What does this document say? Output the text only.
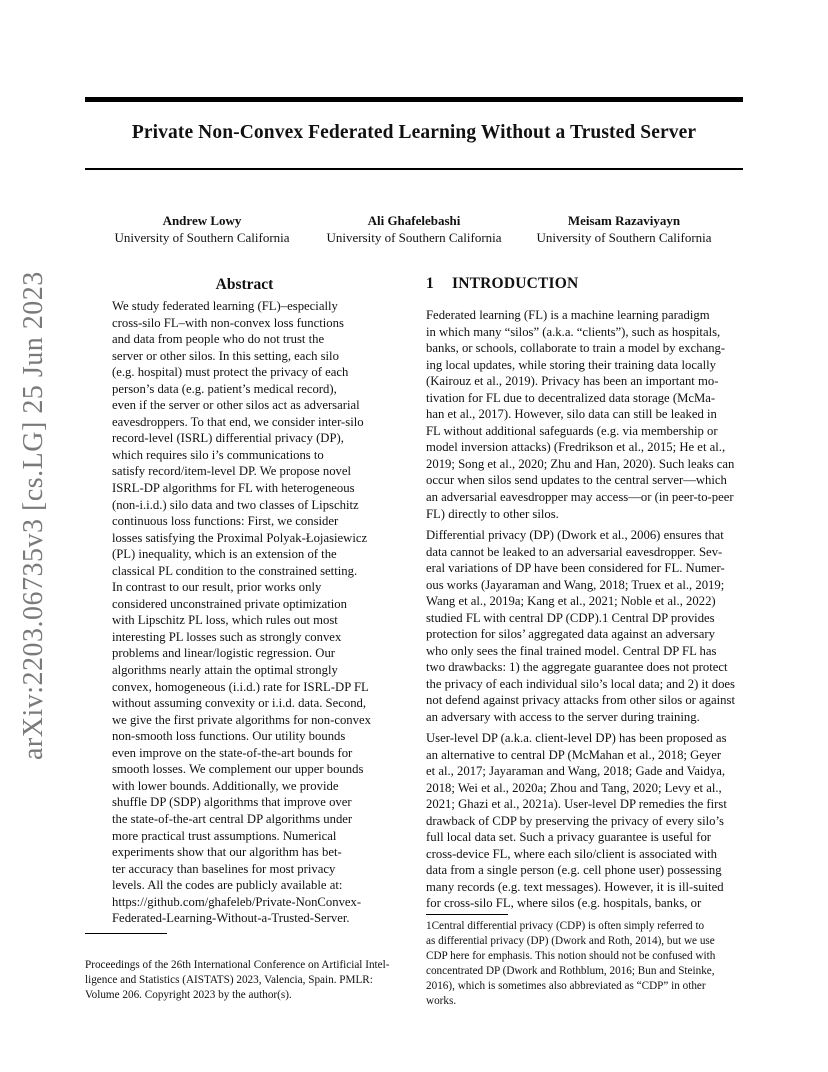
Private Non-Convex Federated Learning Without a Trusted Server
Andrew Lowy
University of Southern California
Ali Ghafelebashi
University of Southern California
Meisam Razaviyayn
University of Southern California
arXiv:2203.06735v3 [cs.LG] 25 Jun 2023	Abstract
We study federated learning (FL)–especially
cross-silo FL–with non-convex loss functions
and data from people who do not trust the
server or other silos. In this setting, each silo
(e.g. hospital) must protect the privacy of each
person’s data (e.g. patient’s medical record),
even if the server or other silos act as adversarial
eavesdroppers. To that end, we consider inter-silo
record-level (ISRL) differential privacy (DP),
which requires silo i’s communications to
satisfy record/item-level DP. We propose novel
ISRL-DP algorithms for FL with heterogeneous
(non-i.i.d.) silo data and two classes of Lipschitz
continuous loss functions: First, we consider
losses satisfying the Proximal Polyak-Łojasiewicz
(PL) inequality, which is an extension of the
classical PL condition to the constrained setting.
In contrast to our result, prior works only
considered unconstrained private optimization
with Lipschitz PL loss, which rules out most
interesting PL losses such as strongly convex
problems and linear/logistic regression. Our
algorithms nearly attain the optimal strongly
convex, homogeneous (i.i.d.) rate for ISRL-DP FL
without assuming convexity or i.i.d. data. Second,
we give the first private algorithms for non-convex
non-smooth loss functions. Our utility bounds
even improve on the state-of-the-art bounds for
smooth losses. We complement our upper bounds
with lower bounds. Additionally, we provide
shuffle DP (SDP) algorithms that improve over
the state-of-the-art central DP algorithms under
more practical trust assumptions. Numerical
experiments show that our algorithm has bet-
ter accuracy than baselines for most privacy
levels. All the codes are publicly available at:
https://github.com/ghafeleb/Private-NonConvex-
Federated-Learning-Without-a-Trusted-Server.
Proceedings of the 26th International Conference on Artificial Intel-
ligence and Statistics (AISTATS) 2023, Valencia, Spain. PMLR:
Volume 206. Copyright 2023 by the author(s).
1 INTRODUCTION
Federated learning (FL) is a machine learning paradigm
in which many “silos” (a.k.a. “clients”), such as hospitals,
banks, or schools, collaborate to train a model by exchang-
ing local updates, while storing their training data locally
(Kairouz et al., 2019). Privacy has been an important mo-
tivation for FL due to decentralized data storage (McMa-
han et al., 2017). However, silo data can still be leaked in
FL without additional safeguards (e.g. via membership or
model inversion attacks) (Fredrikson et al., 2015; He et al.,
2019; Song et al., 2020; Zhu and Han, 2020). Such leaks can
occur when silos send updates to the central server—which
an adversarial eavesdropper may access—or (in peer-to-peer
FL) directly to other silos.
Differential privacy (DP) (Dwork et al., 2006) ensures that
data cannot be leaked to an adversarial eavesdropper. Sev-
eral variations of DP have been considered for FL. Numer-
ous works (Jayaraman and Wang, 2018; Truex et al., 2019;
Wang et al., 2019a; Kang et al., 2021; Noble et al., 2022)
studied FL with central DP (CDP).1 Central DP provides
protection for silos’ aggregated data against an adversary
who only sees the final trained model. Central DP FL has
two drawbacks: 1) the aggregate guarantee does not protect
the privacy of each individual silo’s local data; and 2) it does
not defend against privacy attacks from other silos or against
an adversary with access to the server during training.
User-level DP (a.k.a. client-level DP) has been proposed as
an alternative to central DP (McMahan et al., 2018; Geyer
et al., 2017; Jayaraman and Wang, 2018; Gade and Vaidya,
2018; Wei et al., 2020a; Zhou and Tang, 2020; Levy et al.,
2021; Ghazi et al., 2021a). User-level DP remedies the first
drawback of CDP by preserving the privacy of every silo’s
full local data set. Such a privacy guarantee is useful for
cross-device FL, where each silo/client is associated with
data from a single person (e.g. cell phone user) possessing
many records (e.g. text messages). However, it is ill-suited
for cross-silo FL, where silos (e.g. hospitals, banks, or
1Central differential privacy (CDP) is often simply referred to
as differential privacy (DP) (Dwork and Roth, 2014), but we use
CDP here for emphasis. This notion should not be confused with
concentrated DP (Dwork and Rothblum, 2016; Bun and Steinke,
2016), which is sometimes also abbreviated as “CDP” in other
works.
